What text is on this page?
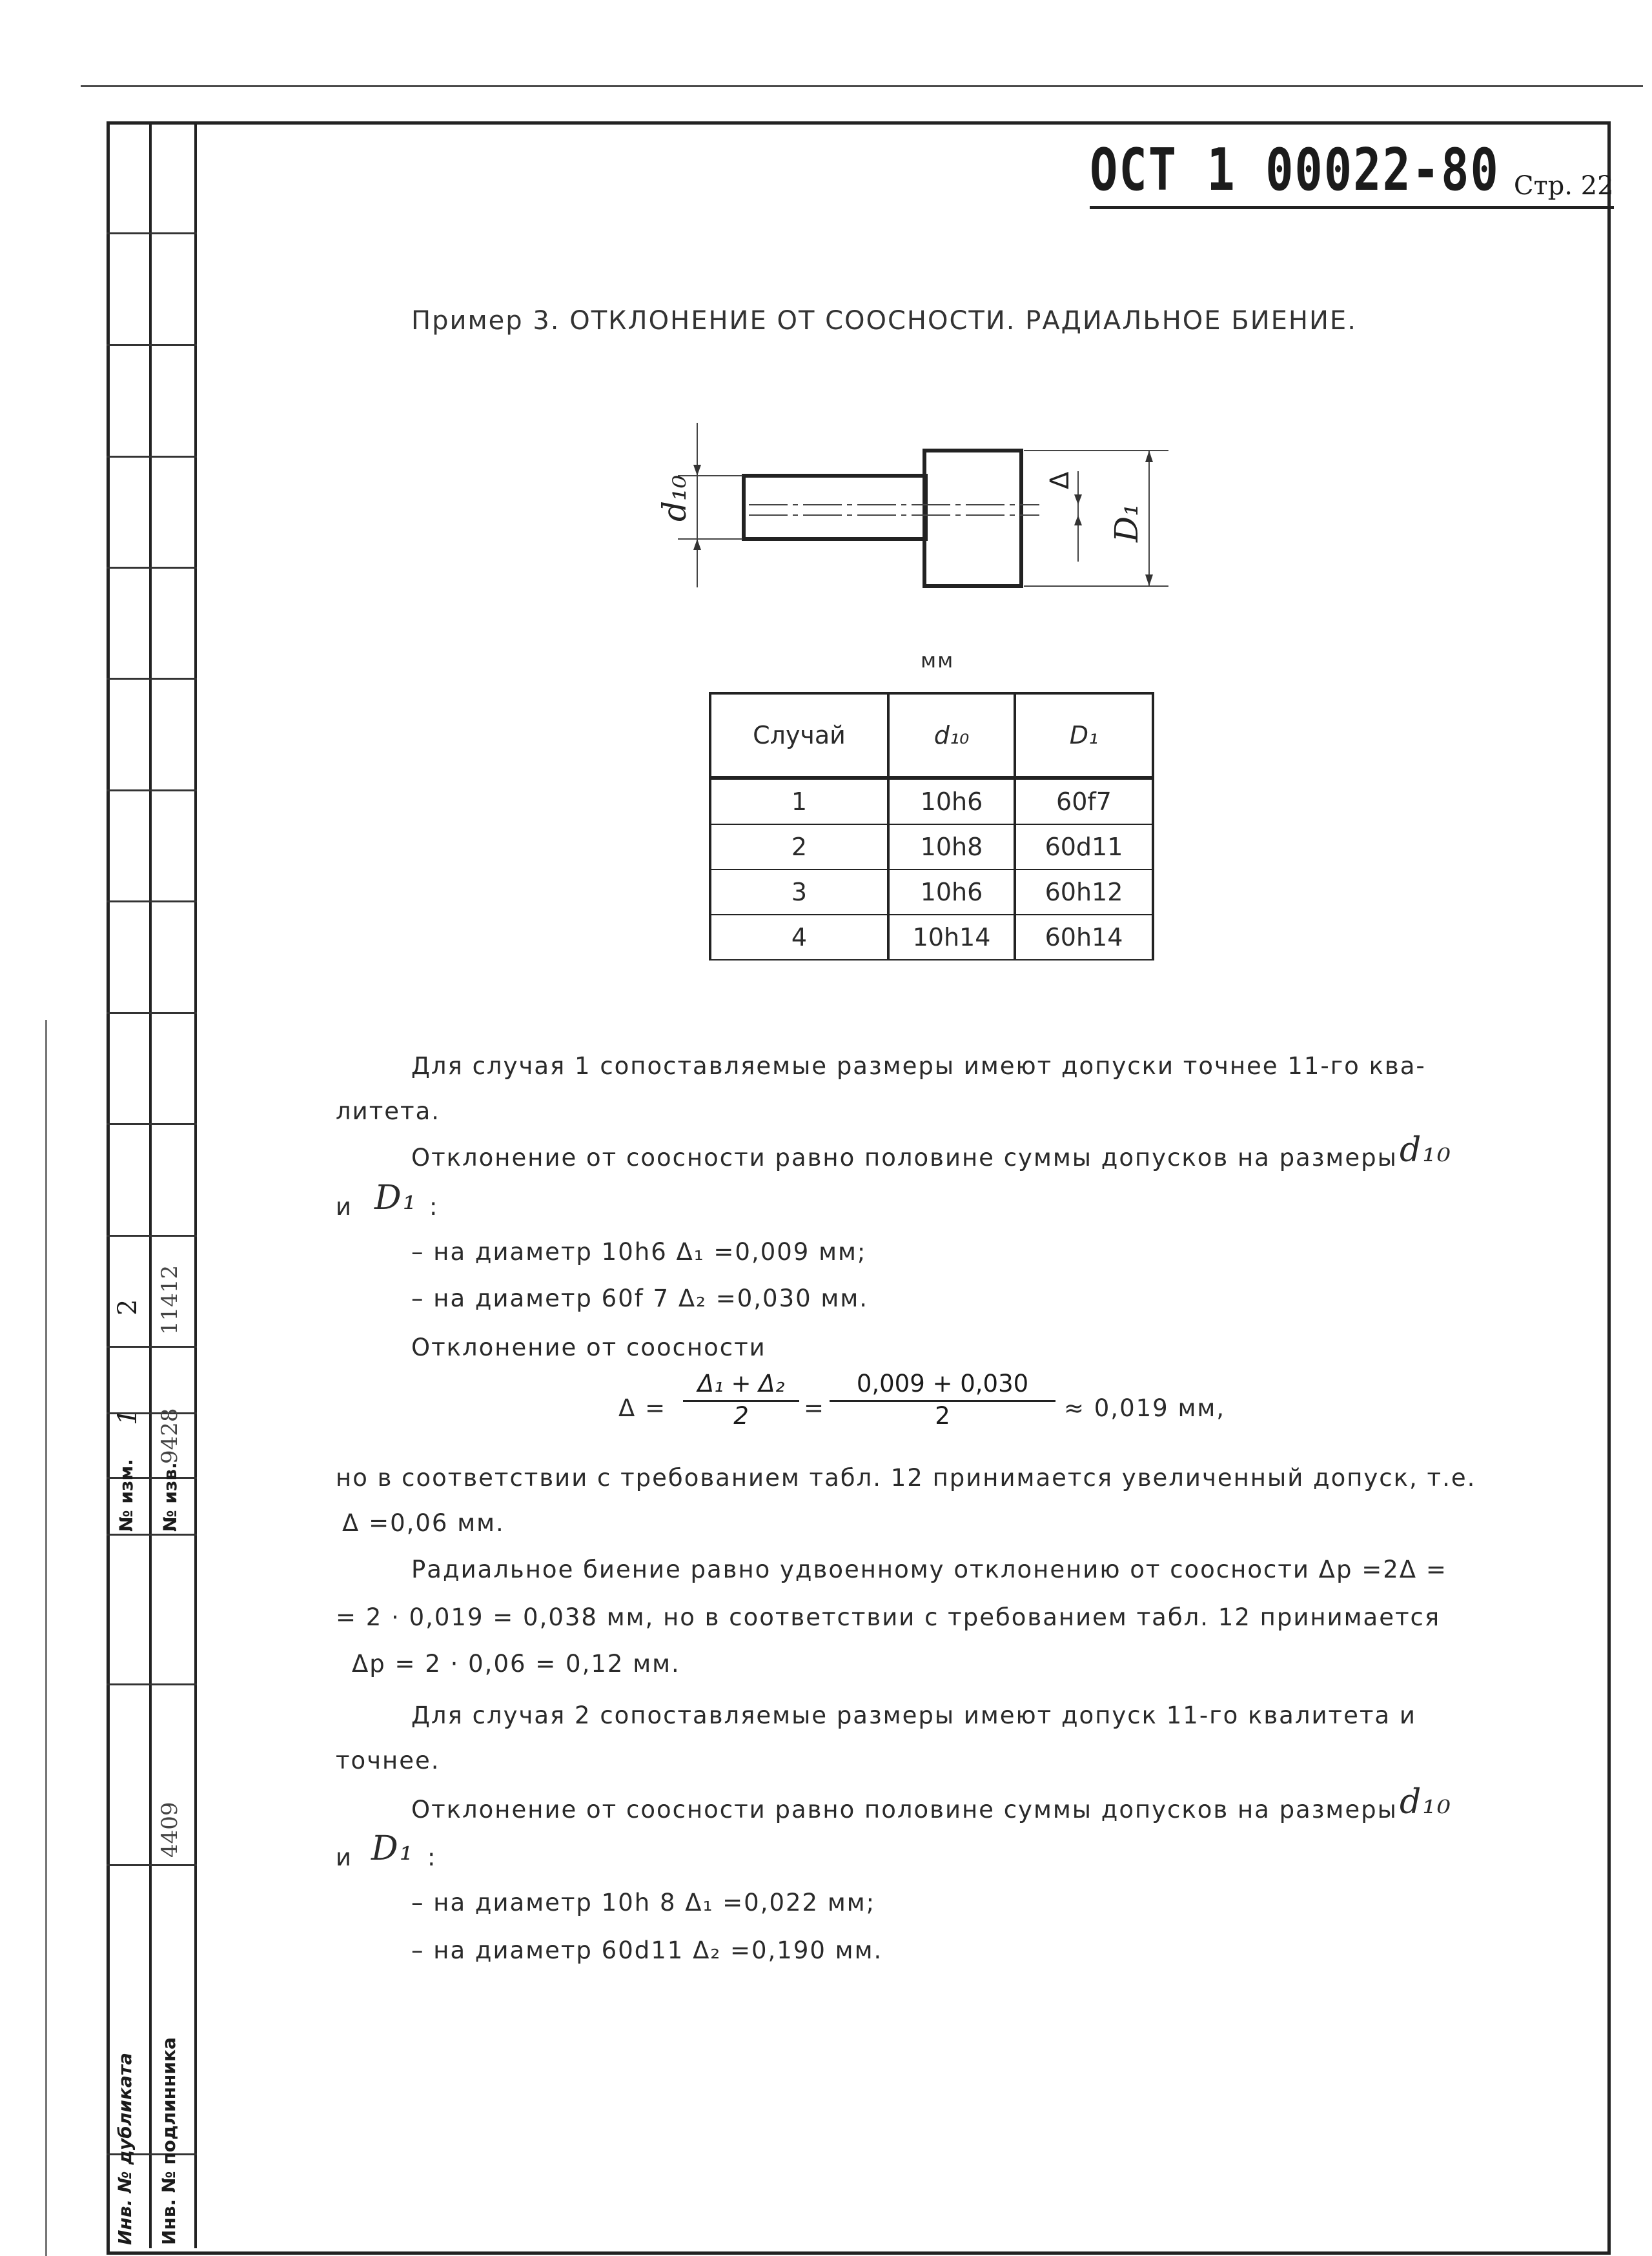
2 11412
1 9428
№ изм. № изв.
4409
Инв. № дубликата Инв. № подлинника
ОСТ 1 00022-80 Стр. 22
Пример 3. ОТКЛОНЕНИЕ ОТ СООСНОСТИ. РАДИАЛЬНОЕ БИЕНИЕ.
d₁₀
D₁
Δ
мм
Случай	d₁₀	D₁
1	10h6	60f7
2	10h8	60d11
3	10h6	60h12
4	10h14	60h14
Для случая 1 сопоставляемые размеры имеют допуски точнее 11-го ква-
литета.
Отклонение от соосности равно половине суммы допусков на размеры d₁₀
и D₁ :
– на диаметр 10h6 Δ₁ =0,009 мм;
– на диаметр 60f 7 Δ₂ =0,030 мм.
Отклонение от соосности
$\Delta = \frac{\text{Δ₁ + Δ₂}}{2} = \frac{0,009 + 0,030}{2} \approx 0,019$ мм,
но в соответствии с требованием табл. 12 принимается увеличенный допуск, т.е.
Δ =0,06 мм.
Радиальное биение равно удвоенному отклонению от соосности Δp =2Δ =
= 2 · 0,019 = 0,038 мм, но в соответствии с требованием табл. 12 принимается
Δp = 2 · 0,06 = 0,12 мм.
Для случая 2 сопоставляемые размеры имеют допуск 11-го квалитета и
точнее.
Отклонение от соосности равно половине суммы допусков на размеры d₁₀
и D₁ :
– на диаметр 10h 8 Δ₁ =0,022 мм;
– на диаметр 60d11 Δ₂ =0,190 мм.
